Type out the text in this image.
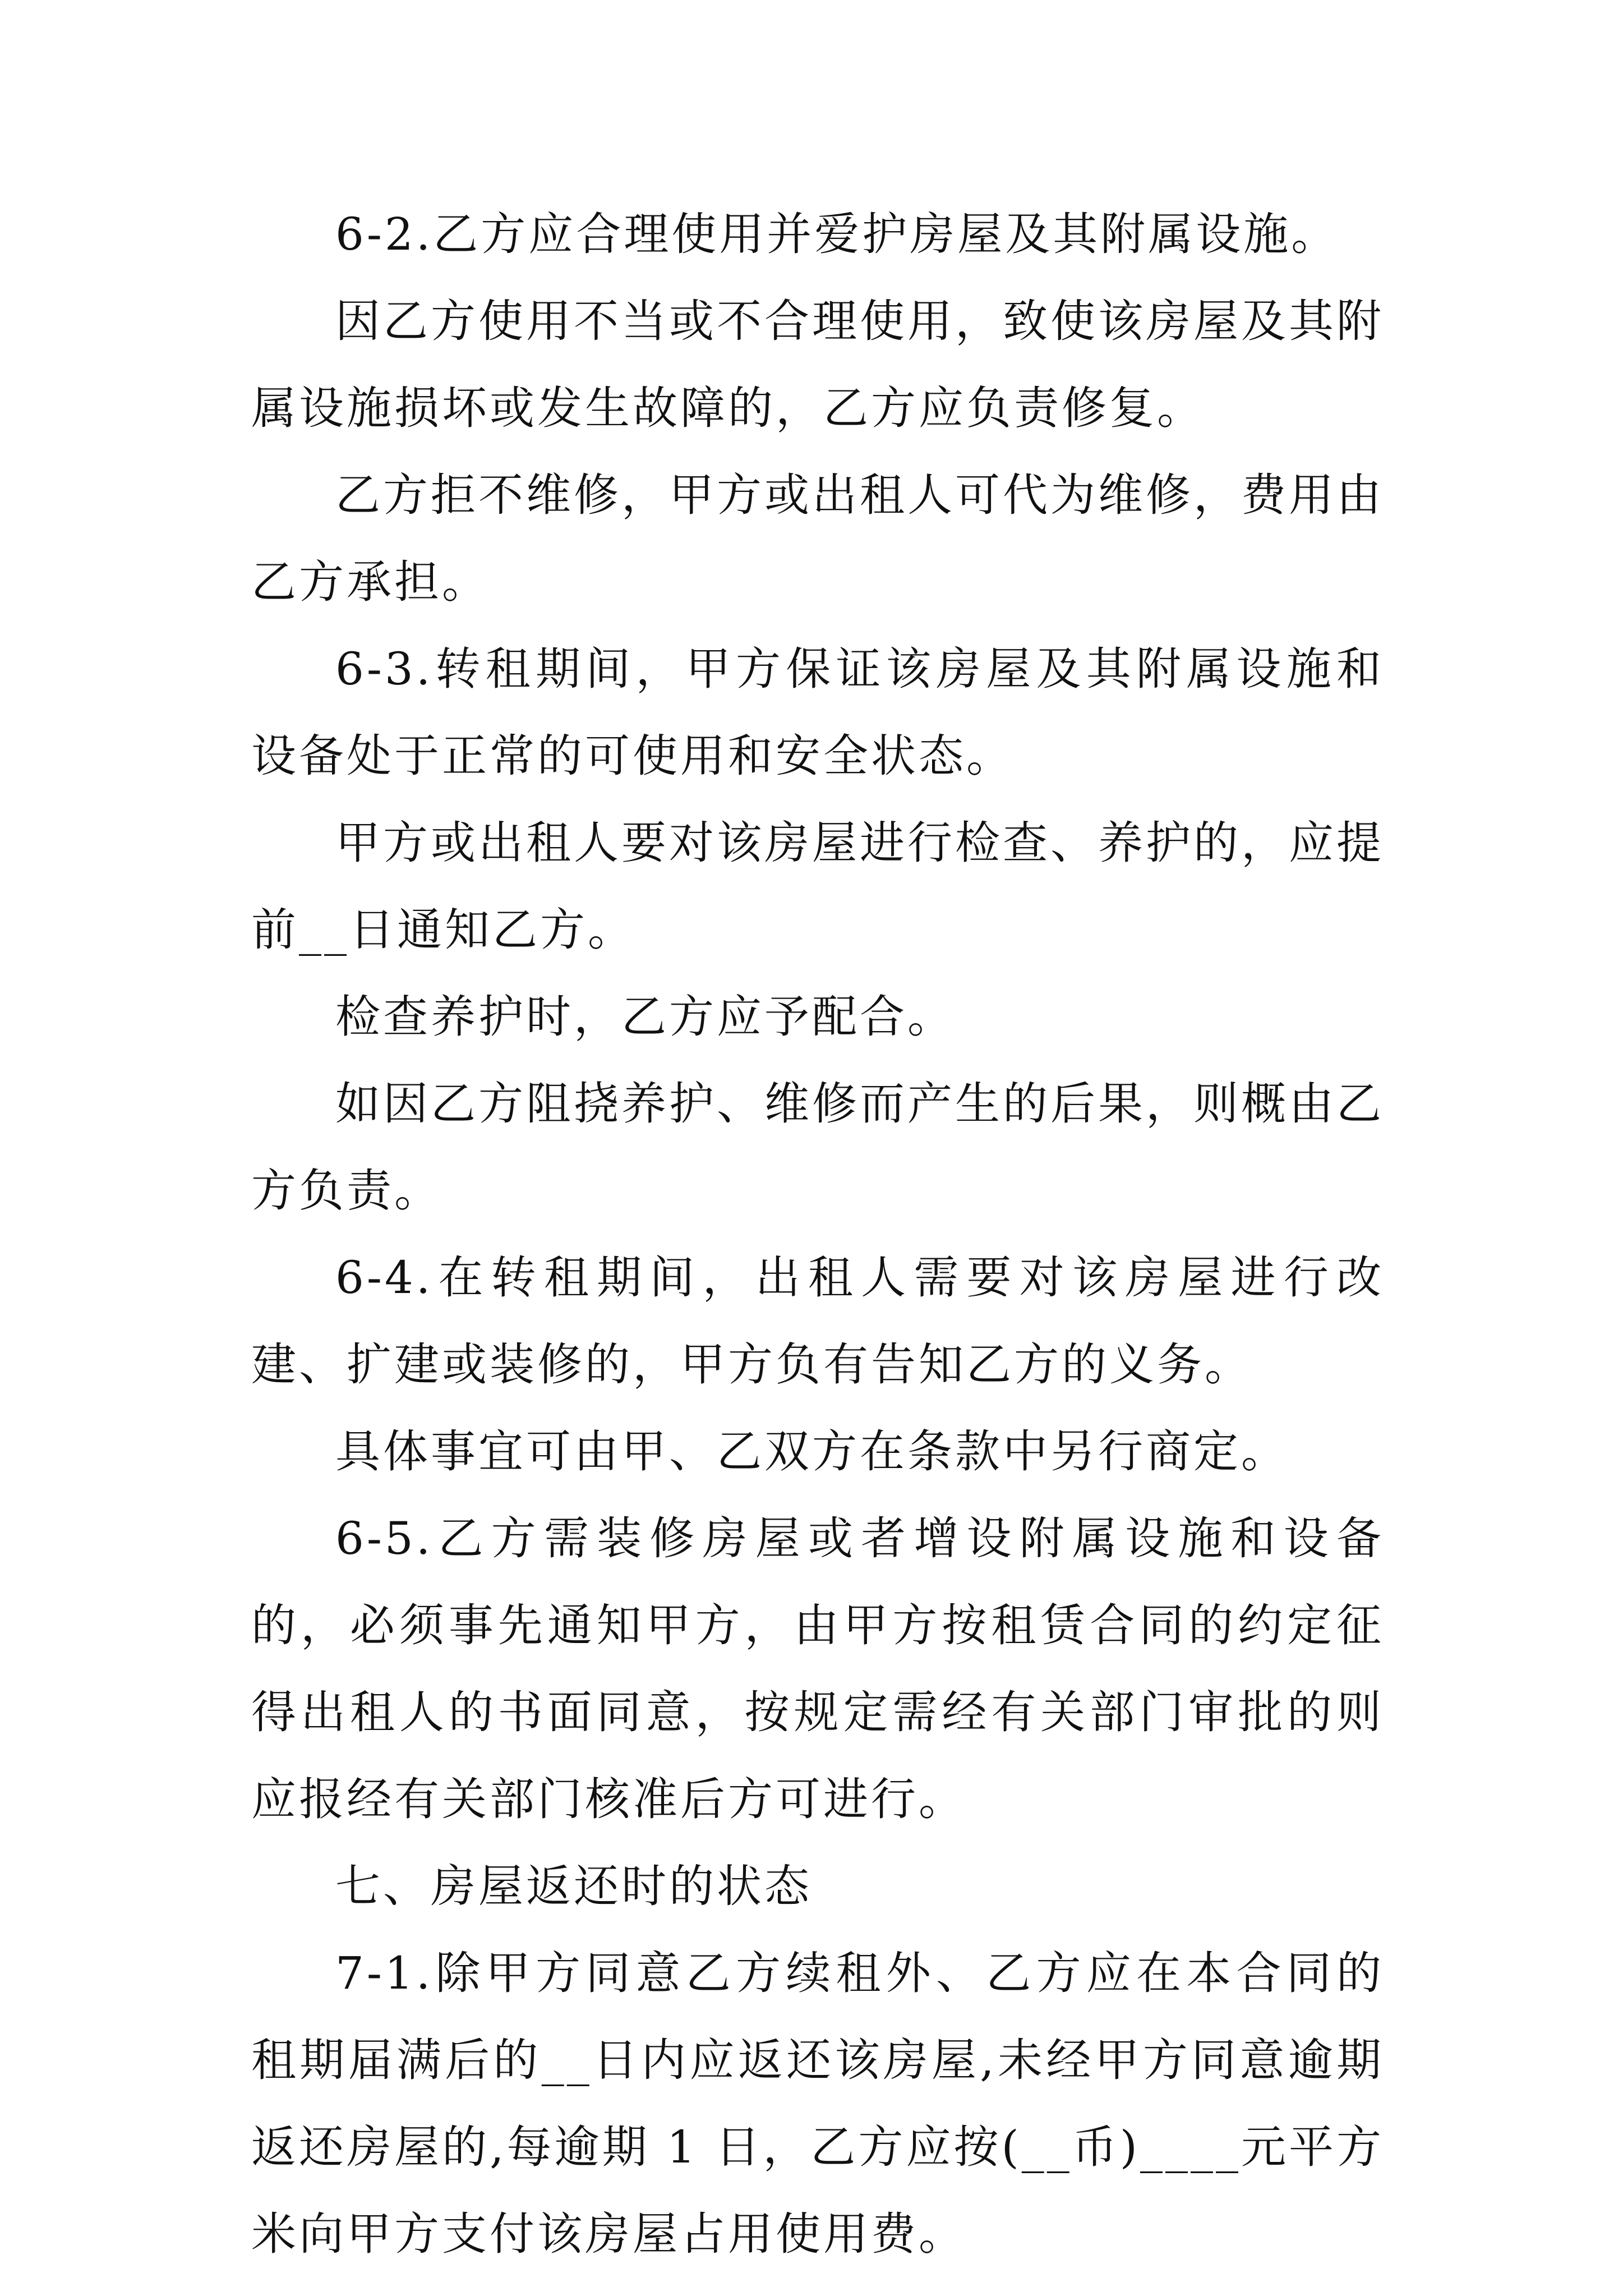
6-2.乙方应合理使用并爱护房屋及其附属设施。

因乙方使用不当或不合理使用，致使该房屋及其附属设施损坏或发生故障的，乙方应负责修复。

乙方拒不维修，甲方或出租人可代为维修，费用由乙方承担。

6-3.转租期间，甲方保证该房屋及其附属设施和设备处于正常的可使用和安全状态。

甲方或出租人要对该房屋进行检查、养护的，应提前__日通知乙方。

检查养护时，乙方应予配合。

如因乙方阻挠养护、维修而产生的后果，则概由乙方负责。

6-4.在转租期间，出租人需要对该房屋进行改建、扩建或装修的，甲方负有告知乙方的义务。

具体事宜可由甲、乙双方在条款中另行商定。

6-5.乙方需装修房屋或者增设附属设施和设备的，必须事先通知甲方，由甲方按租赁合同的约定征得出租人的书面同意，按规定需经有关部门审批的则应报经有关部门核准后方可进行。

七、房屋返还时的状态

7-1.除甲方同意乙方续租外、乙方应在本合同的租期届满后的__日内应返还该房屋,未经甲方同意逾期返还房屋的,每逾期 1 日，乙方应按(__币)____元平方米向甲方支付该房屋占用使用费。
